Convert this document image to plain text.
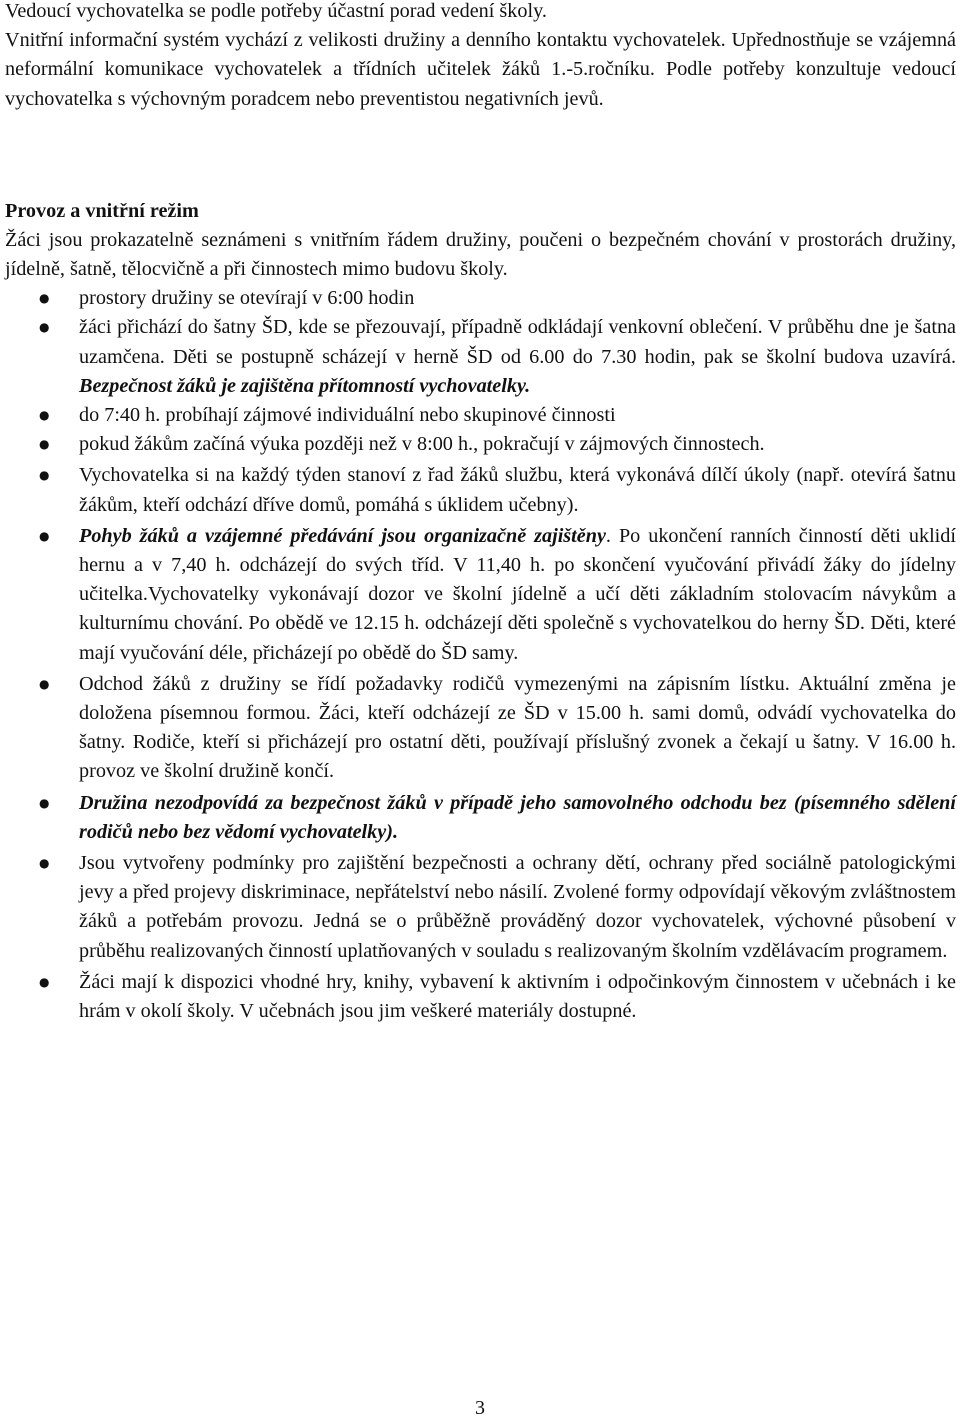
Vedoucí vychovatelka se podle potřeby účastní porad vedení školy.

Vnitřní informační systém vychází z velikosti družiny a denního kontaktu vychovatelek. Upřednostňuje se vzájemná neformální komunikace vychovatelek a třídních učitelek žáků 1.-5.ročníku. Podle potřeby konzultuje vedoucí vychovatelka s výchovným poradcem nebo preventistou negativních jevů.

Provoz a vnitřní režim

Žáci jsou prokazatelně seznámeni s vnitřním řádem družiny, poučeni o bezpečném chování v prostorách družiny, jídelně, šatně, tělocvičně a při činnostech mimo budovu školy.

● prostory družiny se otevírají v 6:00 hodin
● žáci přichází do šatny ŠD, kde se přezouvají, případně odkládají venkovní oblečení. V průběhu dne je šatna uzamčena. Děti se postupně scházejí v herně ŠD od 6.00 do 7.30 hodin, pak se školní budova uzavírá. Bezpečnost žáků je zajištěna přítomností vychovatelky.
● do 7:40 h. probíhají zájmové individuální nebo skupinové činnosti
● pokud žákům začíná výuka později než v 8:00 h., pokračují v zájmových činnostech.
● Vychovatelka si na každý týden stanoví z řad žáků službu, která vykonává dílčí úkoly (např. otevírá šatnu žákům, kteří odchází dříve domů, pomáhá s úklidem učebny).
● Pohyb žáků a vzájemné předávání jsou organizačně zajištěny. Po ukončení ranních činností děti uklidí hernu a v 7,40 h. odcházejí do svých tříd. V 11,40 h. po skončení vyučování přivádí žáky do jídelny učitelka.Vychovatelky vykonávají dozor ve školní jídelně a učí děti základním stolovacím návykům a kulturnímu chování. Po obědě ve 12.15 h. odcházejí děti společně s vychovatelkou do herny ŠD. Děti, které mají vyučování déle, přicházejí po obědě do ŠD samy.
● Odchod žáků z družiny se řídí požadavky rodičů vymezenými na zápisním lístku. Aktuální změna je doložena písemnou formou. Žáci, kteří odcházejí ze ŠD v 15.00 h. sami domů, odvádí vychovatelka do šatny. Rodiče, kteří si přicházejí pro ostatní děti, používají příslušný zvonek a čekají u šatny. V 16.00 h. provoz ve školní družině končí.
● Družina nezodpovídá za bezpečnost žáků v případě jeho samovolného odchodu bez (písemného sdělení rodičů nebo bez vědomí vychovatelky).
● Jsou vytvořeny podmínky pro zajištění bezpečnosti a ochrany dětí, ochrany před sociálně patologickými jevy a před projevy diskriminace, nepřátelství nebo násilí. Zvolené formy odpovídají věkovým zvláštnostem žáků a potřebám provozu. Jedná se o průběžně prováděný dozor vychovatelek, výchovné působení v průběhu realizovaných činností uplatňovaných v souladu s realizovaným školním vzdělávacím programem.
● Žáci mají k dispozici vhodné hry, knihy, vybavení k aktivním i odpočinkovým činnostem v učebnách i ke hrám v okolí školy. V učebnách jsou jim veškeré materiály dostupné.
3
